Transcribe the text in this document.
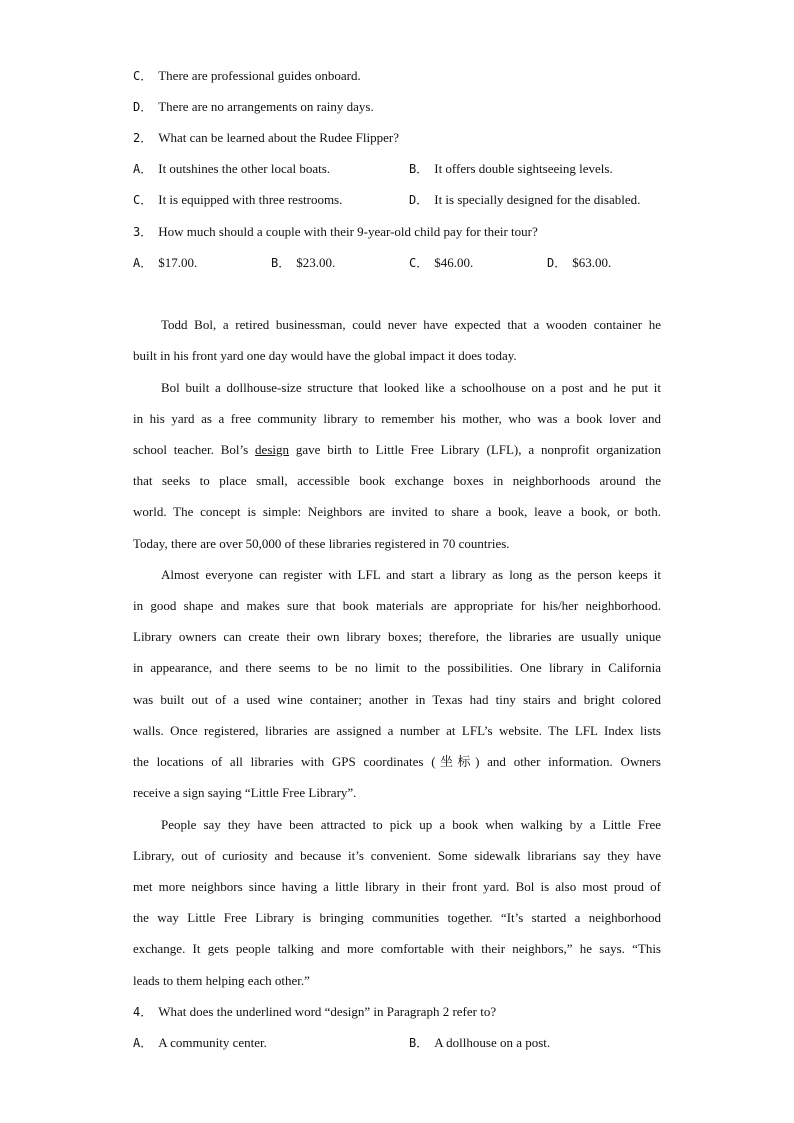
C． There are professional guides onboard.
D． There are no arrangements on rainy days.
2． What can be learned about the Rudee Flipper?
A． It outshines the other local boats.	B． It offers double sightseeing levels.
C． It is equipped with three restrooms.	D． It is specially designed for the disabled.
3． How much should a couple with their 9-year-old child pay for their tour?
A． $17.00.	B． $23.00.	C． $46.00.	D． $63.00.
Todd Bol, a retired businessman, could never have expected that a wooden container he
built in his front yard one day would have the global impact it does today.
Bol built a dollhouse-size structure that looked like a schoolhouse on a post and he put it
in his yard as a free community library to remember his mother, who was a book lover and
school teacher. Bol’s design gave birth to Little Free Library (LFL), a nonprofit organization
that seeks to place small, accessible book exchange boxes in neighborhoods around the
world. The concept is simple: Neighbors are invited to share a book, leave a book, or both.
Today, there are over 50,000 of these libraries registered in 70 countries.
Almost everyone can register with LFL and start a library as long as the person keeps it
in good shape and makes sure that book materials are appropriate for his/her neighborhood.
Library owners can create their own library boxes; therefore, the libraries are usually unique
in appearance, and there seems to be no limit to the possibilities. One library in California
was built out of a used wine container; another in Texas had tiny stairs and bright colored
walls. Once registered, libraries are assigned a number at LFL’s website. The LFL Index lists
the locations of all libraries with GPS coordinates (坐标) and other information. Owners
receive a sign saying “Little Free Library”.
People say they have been attracted to pick up a book when walking by a Little Free
Library, out of curiosity and because it’s convenient. Some sidewalk librarians say they have
met more neighbors since having a little library in their front yard. Bol is also most proud of
the way Little Free Library is bringing communities together. “It’s started a neighborhood
exchange. It gets people talking and more comfortable with their neighbors,” he says. “This
leads to them helping each other.”
4． What does the underlined word “design” in Paragraph 2 refer to?
A． A community center.	B． A dollhouse on a post.
